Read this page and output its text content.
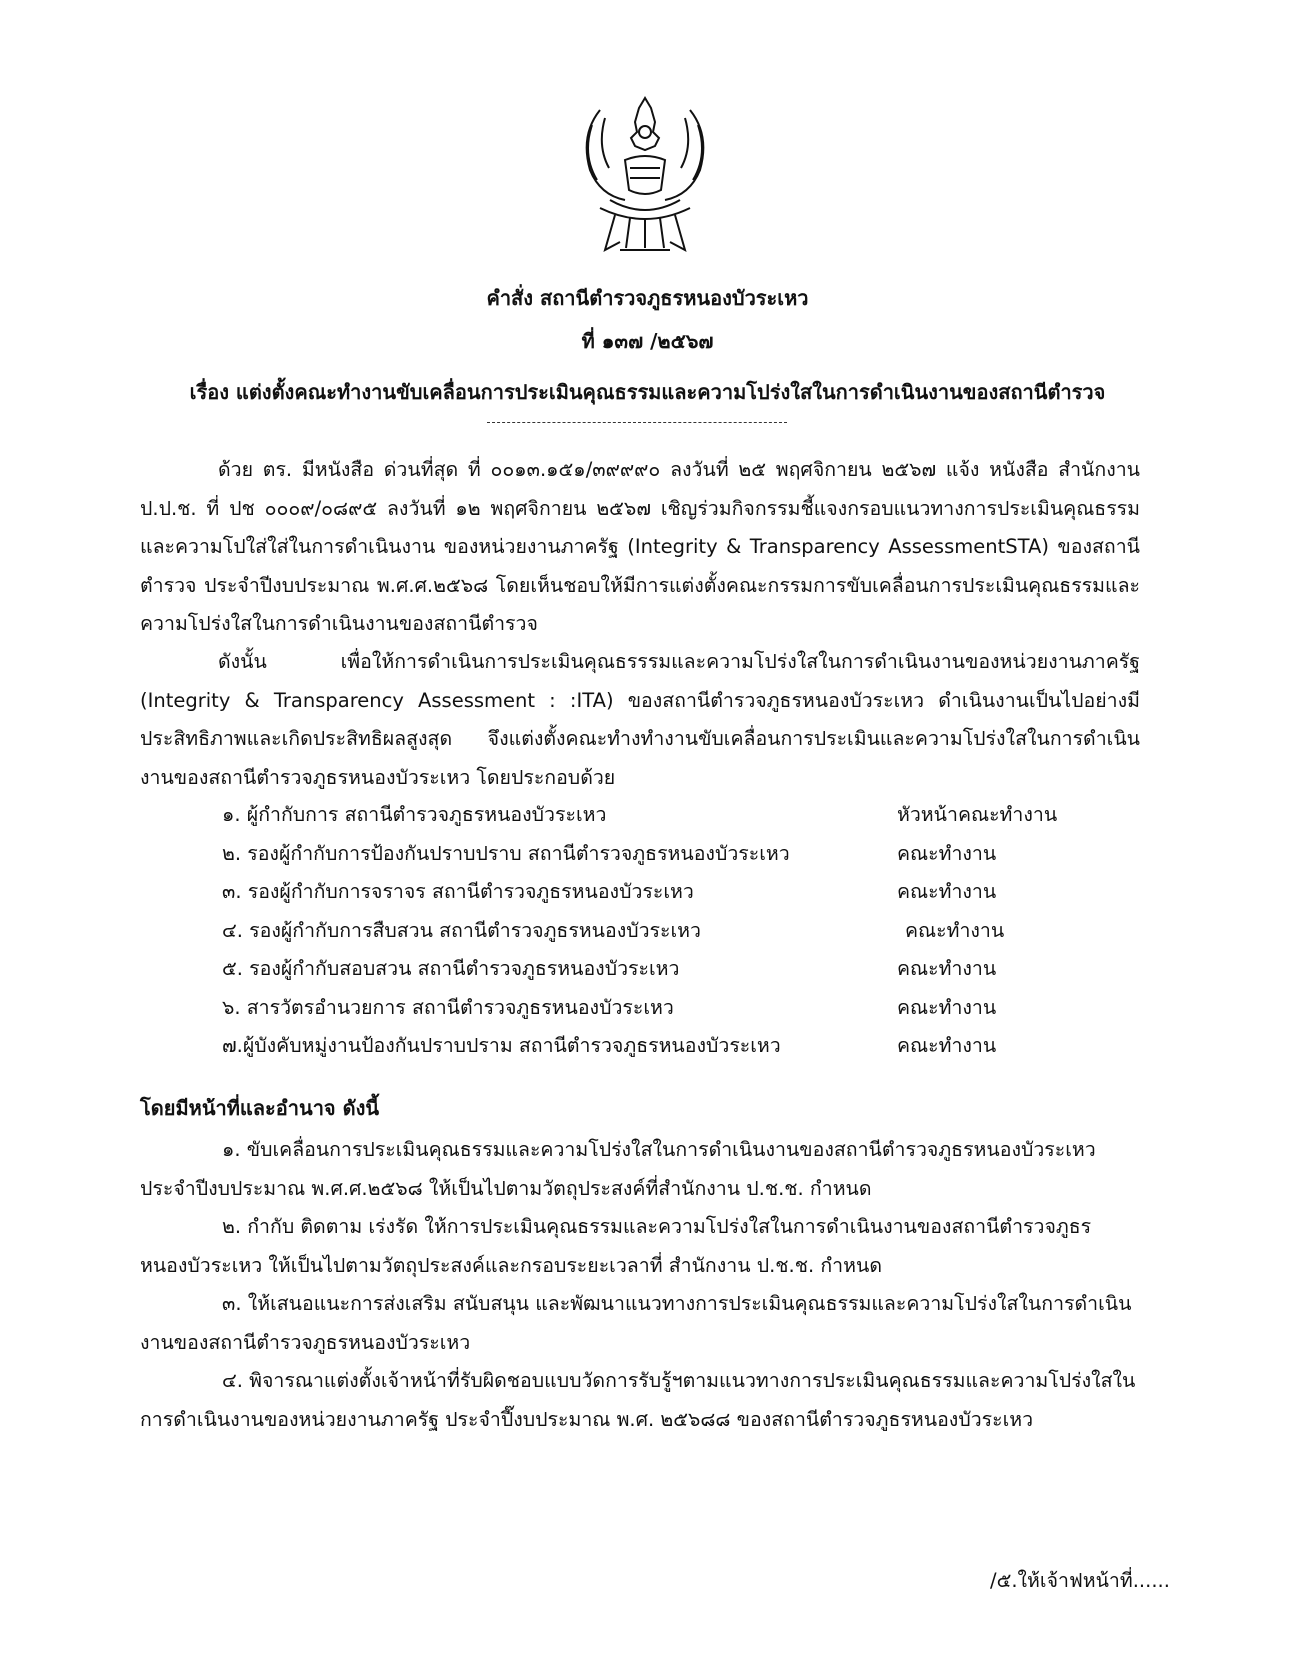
คำสั่ง สถานีตำรวจภูธรหนองบัวระเหว
ที่ ๑๓๗ /๒๕๖๗
เรื่อง แต่งตั้งคณะทำงานขับเคลื่อนการประเมินคุณธรรมและความโปร่งใสในการดำเนินงานของสถานีตำรวจ
ด้วย ตร. มีหนังสือ ด่วนที่สุด ที่ ๐๐๑๓.๑๕๑/๓๙๙๙๐ ลงวันที่ ๒๕ พฤศจิกายน ๒๕๖๗ แจ้ง หนังสือ สำนักงาน ป.ป.ช. ที่ ปช ๐๐๐๙/๐๘๙๕ ลงวันที่ ๑๒ พฤศจิกายน ๒๕๖๗ เชิญร่วมกิจกรรมชี้แจงกรอบแนวทางการประเมินคุณธรรมและความโปใส่ใส่ในการดำเนินงาน ของหน่วยงานภาครัฐ (Integrity & Transparency AssessmentSTA) ของสถานีตำรวจ ประจำปีงบประมาณ พ.ศ.ศ.๒๕๖๘ โดยเห็นชอบให้มีการแต่งตั้งคณะกรรมการขับเคลื่อนการประเมินคุณธรรมและความโปร่งใสในการดำเนินงานของสถานีตำรวจ
ดังนั้น เพื่อให้การดำเนินการประเมินคุณธรรรมและความโปร่งใสในการดำเนินงานของหน่วยงานภาครัฐ (Integrity & Transparency Assessment : :ITA) ของสถานีตำรวจภูธรหนองบัวระเหว ดำเนินงานเป็นไปอย่างมีประสิทธิภาพและเกิดประสิทธิผลสูงสุด จึงแต่งตั้งคณะทำงทำงานขับเคลื่อนการประเมินและความโปร่งใสในการดำเนินงานของสถานีตำรวจภูธรหนองบัวระเหว โดยประกอบด้วย
๑. ผู้กำกับการ สถานีตำรวจภูธรหนองบัวระเหว	หัวหน้าคณะทำงาน
๒. รองผู้กำกับการป้องกันปราบปราบ สถานีตำรวจภูธรหนองบัวระเหว	คณะทำงาน
๓. รองผู้กำกับการจราจร สถานีตำรวจภูธรหนองบัวระเหว	คณะทำงาน
๔. รองผู้กำกับการสืบสวน สถานีตำรวจภูธรหนองบัวระเหว	คณะทำงาน
๕. รองผู้กำกับสอบสวน สถานีตำรวจภูธรหนองบัวระเหว	คณะทำงาน
๖. สารวัตรอำนวยการ สถานีตำรวจภูธรหนองบัวระเหว	คณะทำงาน
๗.ผู้บังคับหมู่งานป้องกันปราบปราม สถานีตำรวจภูธรหนองบัวระเหว	คณะทำงาน
โดยมีหน้าที่และอำนาจ ดังนี้
๑. ขับเคลื่อนการประเมินคุณธรรมและความโปร่งใสในการดำเนินงานของสถานีตำรวจภูธรหนองบัวระเหว ประจำปีงบประมาณ พ.ศ.ศ.๒๕๖๘ ให้เป็นไปตามวัตถุประสงค์ที่สำนักงาน ป.ช.ช. กำหนด
๒. กำกับ ติดตาม เร่งรัด ให้การประเมินคุณธรรมและความโปร่งใสในการดำเนินงานของสถานีตำรวจภูธรหนองบัวระเหว ให้เป็นไปตามวัตถุประสงค์และกรอบระยะเวลาที่ สำนักงาน ป.ช.ช. กำหนด
๓. ให้เสนอแนะการส่งเสริม สนับสนุน และพัฒนาแนวทางการประเมินคุณธรรมและความโปร่งใสในการดำเนินงานของสถานีตำรวจภูธรหนองบัวระเหว
๔. พิจารณาแต่งตั้งเจ้าหน้าที่รับผิดชอบแบบวัดการรับรู้ฯตามแนวทางการประเมินคุณธรรมและความโปร่งใสในการดำเนินงานของหน่วยงานภาครัฐ ประจำปี๊งบประมาณ พ.ศ. ๒๕๖๘๘ ของสถานีตำรวจภูธรหนองบัวระเหว
/๕.ให้เจ้าฟหน้าที่......
